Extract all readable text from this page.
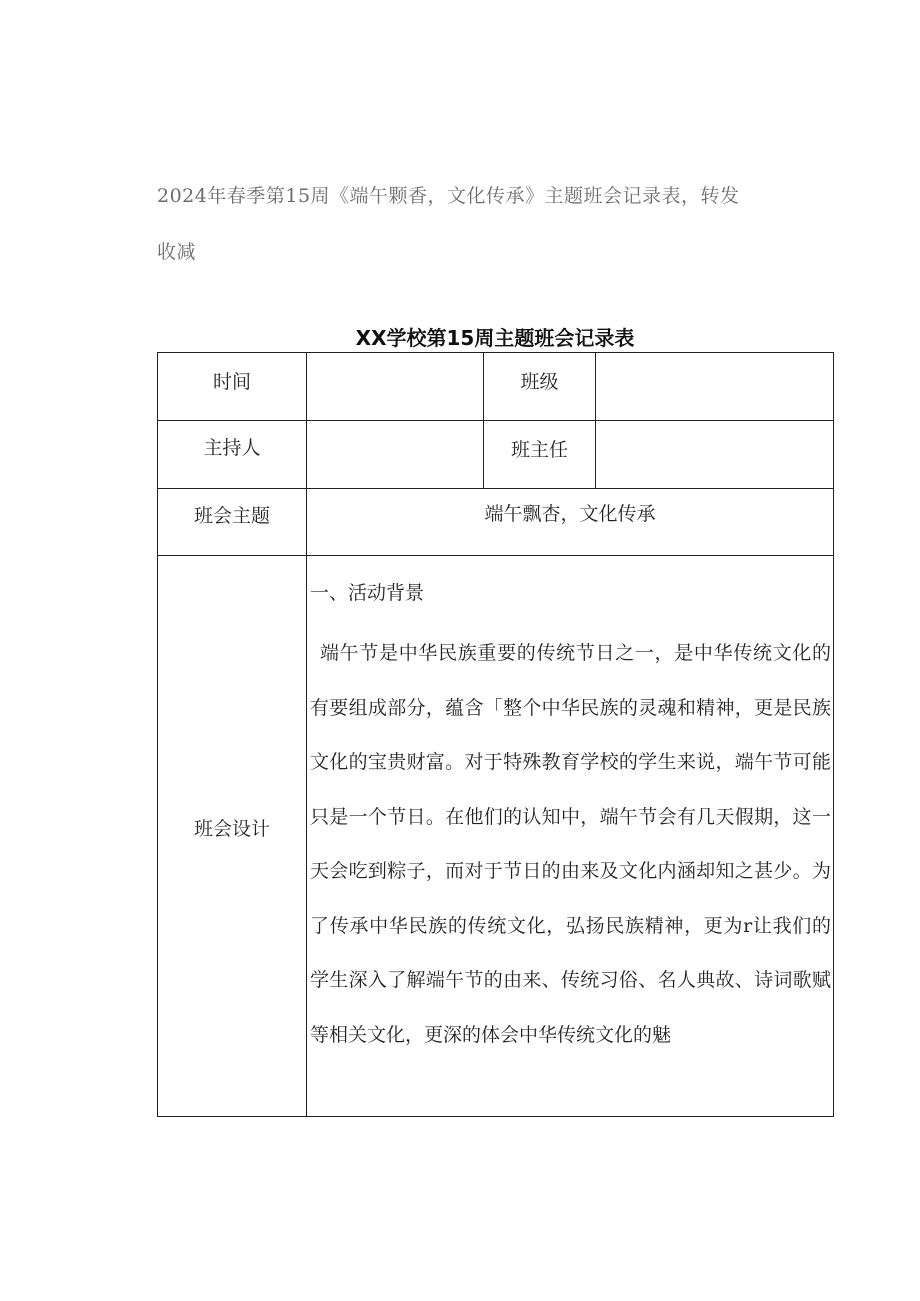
2024年春季第15周《端午颗香，文化传承》主题班会记录表，转发收减
XX学校第15周主题班会记录表
时间		班级	
主持人		班主任	
班会主题	端午飘杏，文化传承		
班会设计	一、活动背景

端午节是中华民族重要的传统节日之一，是中华传统文化的有要组成部分，蕴含「整个中华民族的灵魂和精神，更是民族文化的宝贵财富。对于特殊教育学校的学生来说，端午节可能只是一个节日。在他们的认知中，端午节会有几天假期，这一天会吃到粽子，而对于节日的由来及文化内涵却知之甚少。为了传承中华民族的传统文化，弘扬民族精神，更为r让我们的学生深入了解端午节的由来、传统习俗、名人典故、诗词歌赋等相关文化，更深的体会中华传统文化的魅		
